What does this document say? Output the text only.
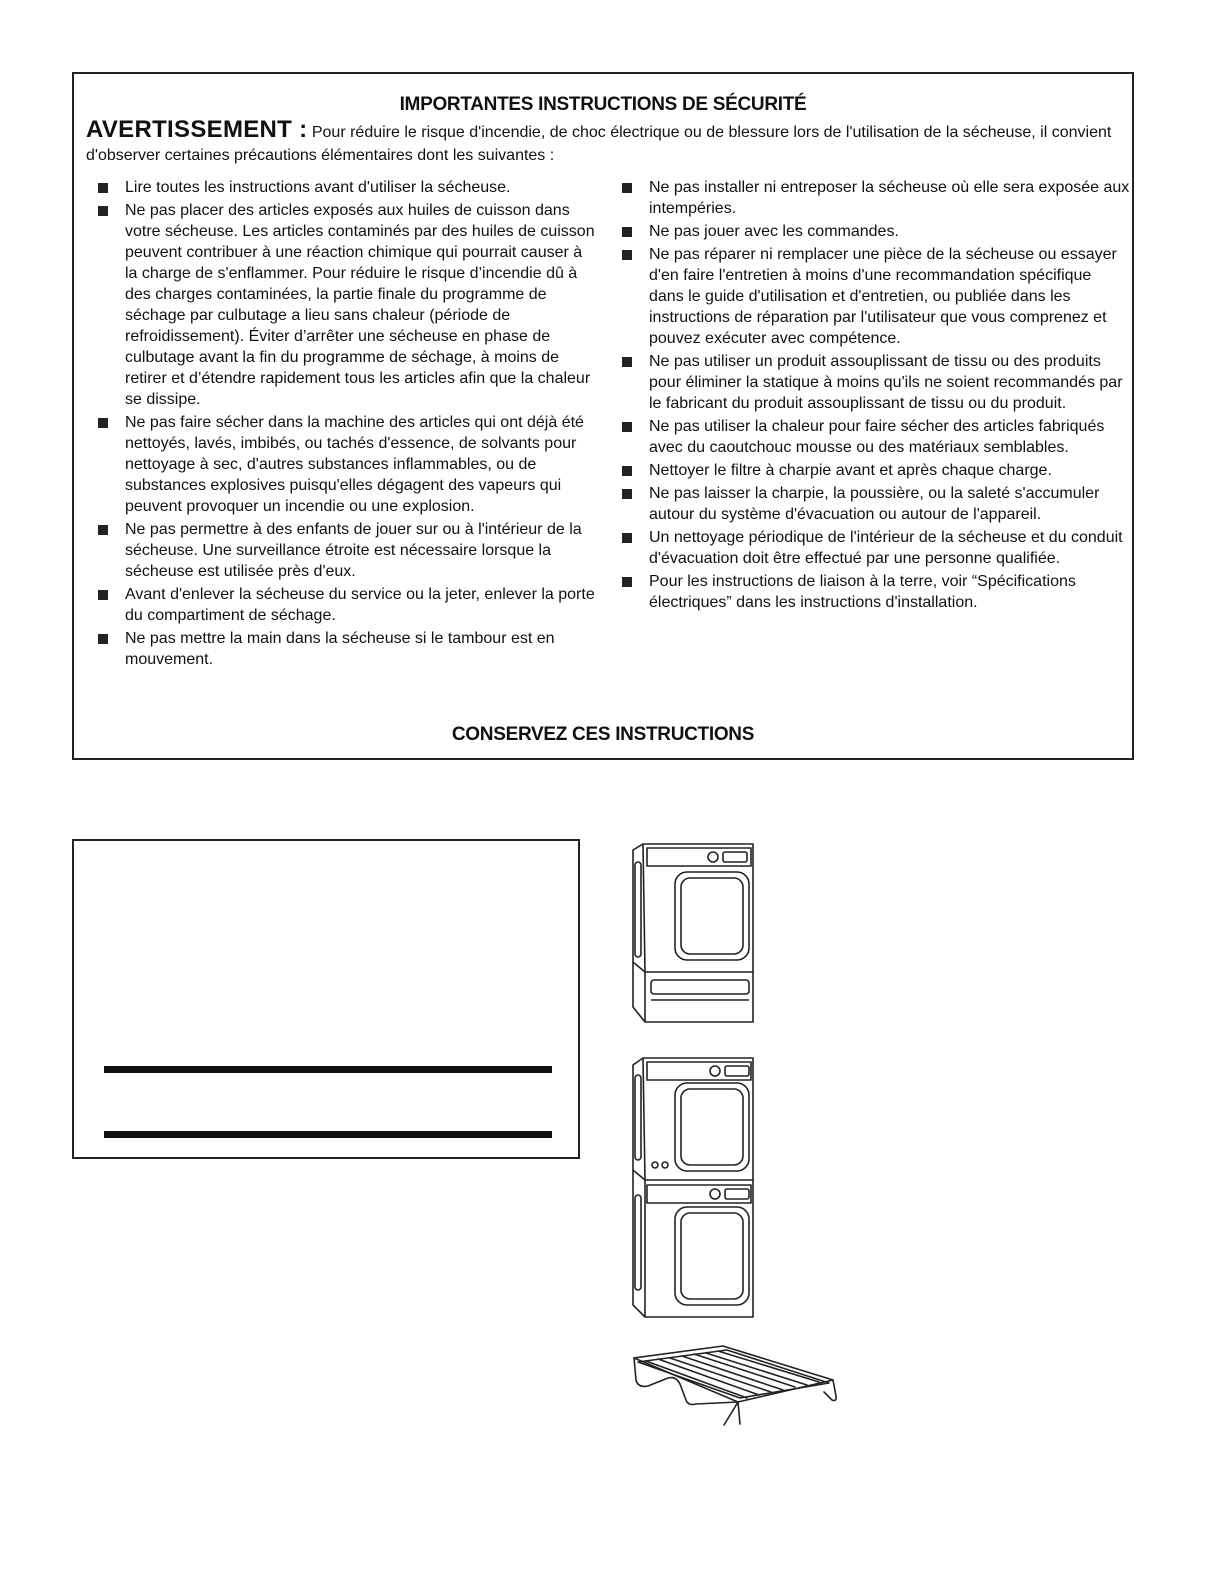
IMPORTANTES INSTRUCTIONS DE SÉCURITÉ
AVERTISSEMENT : Pour réduire le risque d'incendie, de choc électrique ou de blessure lors de l'utilisation de la sécheuse, il convient d'observer certaines précautions élémentaires dont les suivantes :
Lire toutes les instructions avant d'utiliser la sécheuse.
Ne pas placer des articles exposés aux huiles de cuisson dans votre sécheuse. Les articles contaminés par des huiles de cuisson peuvent contribuer à une réaction chimique qui pourrait causer à la charge de s'enflammer. Pour réduire le risque d’incendie dû à des charges contaminées, la partie finale du programme de séchage par culbutage a lieu sans chaleur (période de refroidissement). Éviter d’arrêter une sécheuse en phase de culbutage avant la fin du programme de séchage, à moins de retirer et d’étendre rapidement tous les articles afin que la chaleur se dissipe.
Ne pas faire sécher dans la machine des articles qui ont déjà été nettoyés, lavés, imbibés, ou tachés d'essence, de solvants pour nettoyage à sec, d'autres substances inflammables, ou de substances explosives puisqu'elles dégagent des vapeurs qui peuvent provoquer un incendie ou une explosion.
Ne pas permettre à des enfants de jouer sur ou à l'intérieur de la sécheuse. Une surveillance étroite est nécessaire lorsque la sécheuse est utilisée près d'eux.
Avant d'enlever la sécheuse du service ou la jeter, enlever la porte du compartiment de séchage.
Ne pas mettre la main dans la sécheuse si le tambour est en mouvement.
Ne pas installer ni entreposer la sécheuse où elle sera exposée aux intempéries.
Ne pas jouer avec les commandes.
Ne pas réparer ni remplacer une pièce de la sécheuse ou essayer d'en faire l'entretien à moins d'une recommandation spécifique dans le guide d'utilisation et d'entretien, ou publiée dans les instructions de réparation par l'utilisateur que vous comprenez et pouvez exécuter avec compétence.
Ne pas utiliser un produit assouplissant de tissu ou des produits pour éliminer la statique à moins qu'ils ne soient recommandés par le fabricant du produit assouplissant de tissu ou du produit.
Ne pas utiliser la chaleur pour faire sécher des articles fabriqués avec du caoutchouc mousse ou des matériaux semblables.
Nettoyer le filtre à charpie avant et après chaque charge.
Ne pas laisser la charpie, la poussière, ou la saleté s'accumuler autour du système d'évacuation ou autour de l'appareil.
Un nettoyage périodique de l'intérieur de la sécheuse et du conduit d'évacuation doit être effectué par une personne qualifiée.
Pour les instructions de liaison à la terre, voir “Spécifications électriques” dans les instructions d'installation.
CONSERVEZ CES INSTRUCTIONS
